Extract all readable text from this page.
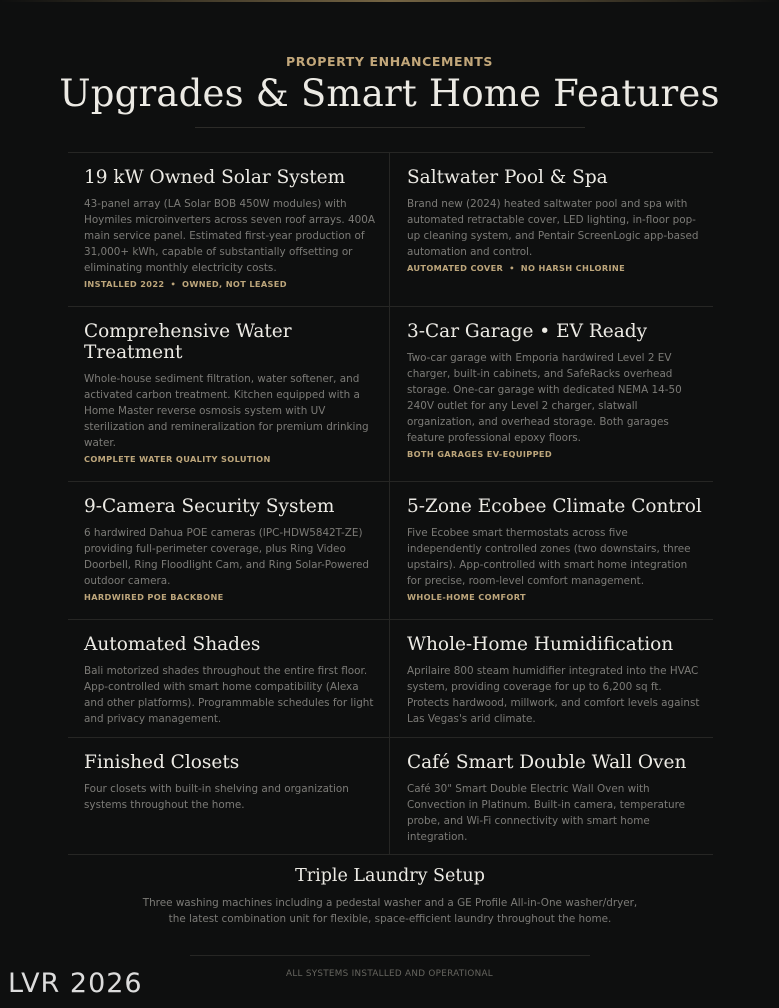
PROPERTY ENHANCEMENTS
Upgrades & Smart Home Features
19 kW Owned Solar System

43-panel array (LA Solar BOB 450W modules) with Hoymiles microinverters across seven roof arrays. 400A main service panel. Estimated first-year production of 31,000+ kWh, capable of substantially offsetting or eliminating monthly electricity costs.

INSTALLED 2022 • OWNED, NOT LEASED
Saltwater Pool & Spa

Brand new (2024) heated saltwater pool and spa with automated retractable cover, LED lighting, in-floor pop-up cleaning system, and Pentair ScreenLogic app-based automation and control.

AUTOMATED COVER • NO HARSH CHLORINE
Comprehensive Water Treatment

Whole-house sediment filtration, water softener, and activated carbon treatment. Kitchen equipped with a Home Master reverse osmosis system with UV sterilization and remineralization for premium drinking water.

COMPLETE WATER QUALITY SOLUTION
3-Car Garage • EV Ready

Two-car garage with Emporia hardwired Level 2 EV charger, built-in cabinets, and SafeRacks overhead storage. One-car garage with dedicated NEMA 14-50 240V outlet for any Level 2 charger, slatwall organization, and overhead storage. Both garages feature professional epoxy floors.

BOTH GARAGES EV-EQUIPPED
9-Camera Security System

6 hardwired Dahua POE cameras (IPC-HDW5842T-ZE) providing full-perimeter coverage, plus Ring Video Doorbell, Ring Floodlight Cam, and Ring Solar-Powered outdoor camera.

HARDWIRED POE BACKBONE
5-Zone Ecobee Climate Control

Five Ecobee smart thermostats across five independently controlled zones (two downstairs, three upstairs). App-controlled with smart home integration for precise, room-level comfort management.

WHOLE-HOME COMFORT
Automated Shades

Bali motorized shades throughout the entire first floor. App-controlled with smart home compatibility (Alexa and other platforms). Programmable schedules for light and privacy management.

Whole-Home Humidification

Aprilaire 800 steam humidifier integrated into the HVAC system, providing coverage for up to 6,200 sq ft. Protects hardwood, millwork, and comfort levels against Las Vegas's arid climate.

Finished Closets

Four closets with built-in shelving and organization systems throughout the home.

Café Smart Double Wall Oven

Café 30" Smart Double Electric Wall Oven with Convection in Platinum. Built-in camera, temperature probe, and Wi-Fi connectivity with smart home integration.

Triple Laundry Setup

Three washing machines including a pedestal washer and a GE Profile All-in-One washer/dryer, the latest combination unit for flexible, space-efficient laundry throughout the home.

ALL SYSTEMS INSTALLED AND OPERATIONAL
LVR 2026
